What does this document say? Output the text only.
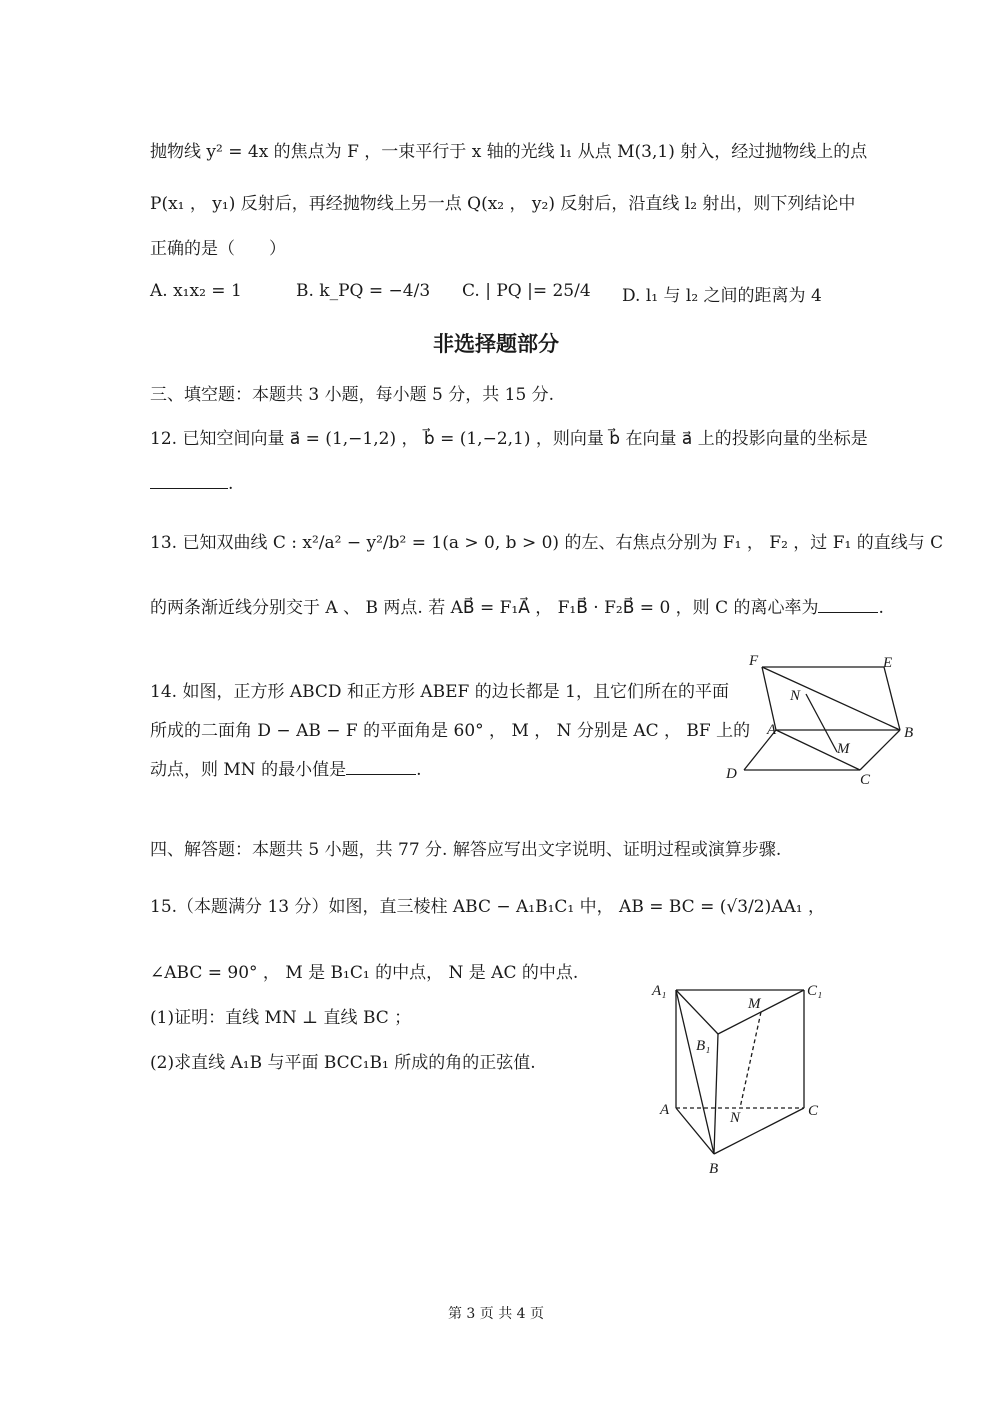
抛物线 y² = 4x 的焦点为 F ，一束平行于 x 轴的光线 l₁ 从点 M(3,1) 射入，经过抛物线上的点
P(x₁ ， y₁) 反射后，再经抛物线上另一点 Q(x₂ ， y₂) 反射后，沿直线 l₂ 射出，则下列结论中
正确的是（　　）
A. x₁x₂ = 1	B. k_PQ = −4/3 C. | PQ |= 25/4 D. l₁ 与 l₂ 之间的距离为 4
非选择题部分
三、填空题：本题共 3 小题，每小题 5 分，共 15 分.
12. 已知空间向量 a⃗ = (1,−1,2) ， b⃗ = (1,−2,1) ，则向量 b⃗ 在向量 a⃗ 上的投影向量的坐标是
.
13. 已知双曲线 C : x²/a² − y²/b² = 1(a > 0, b > 0) 的左、右焦点分别为 F₁ ， F₂ ，过 F₁ 的直线与 C
的两条渐近线分别交于 A 、 B 两点. 若 AB⃗ = F₁A⃗ ， F₁B⃗ · F₂B⃗ = 0 ，则 C 的离心率为	.
14. 如图，正方形 ABCD 和正方形 ABEF 的边长都是 1，且它们所在的平面
所成的二面角 D − AB − F 的平面角是 60° ， M ， N 分别是 AC ， BF 上的
动点，则 MN 的最小值是	.
F	E
N
A	B
M
D	C
四、解答题：本题共 5 小题，共 77 分. 解答应写出文字说明、证明过程或演算步骤.
15.（本题满分 13 分）如图，直三棱柱 ABC − A₁B₁C₁ 中， AB = BC = (√3/2)AA₁ ，
∠ABC = 90° ， M 是 B₁C₁ 的中点， N 是 AC 的中点.
(1)证明：直线 MN ⊥ 直线 BC ；
(2)求直线 A₁B 与平面 BCC₁B₁ 所成的角的正弦值.
A₁	C₁
M
B₁
A	N	C
B
第 3 页 共 4 页
